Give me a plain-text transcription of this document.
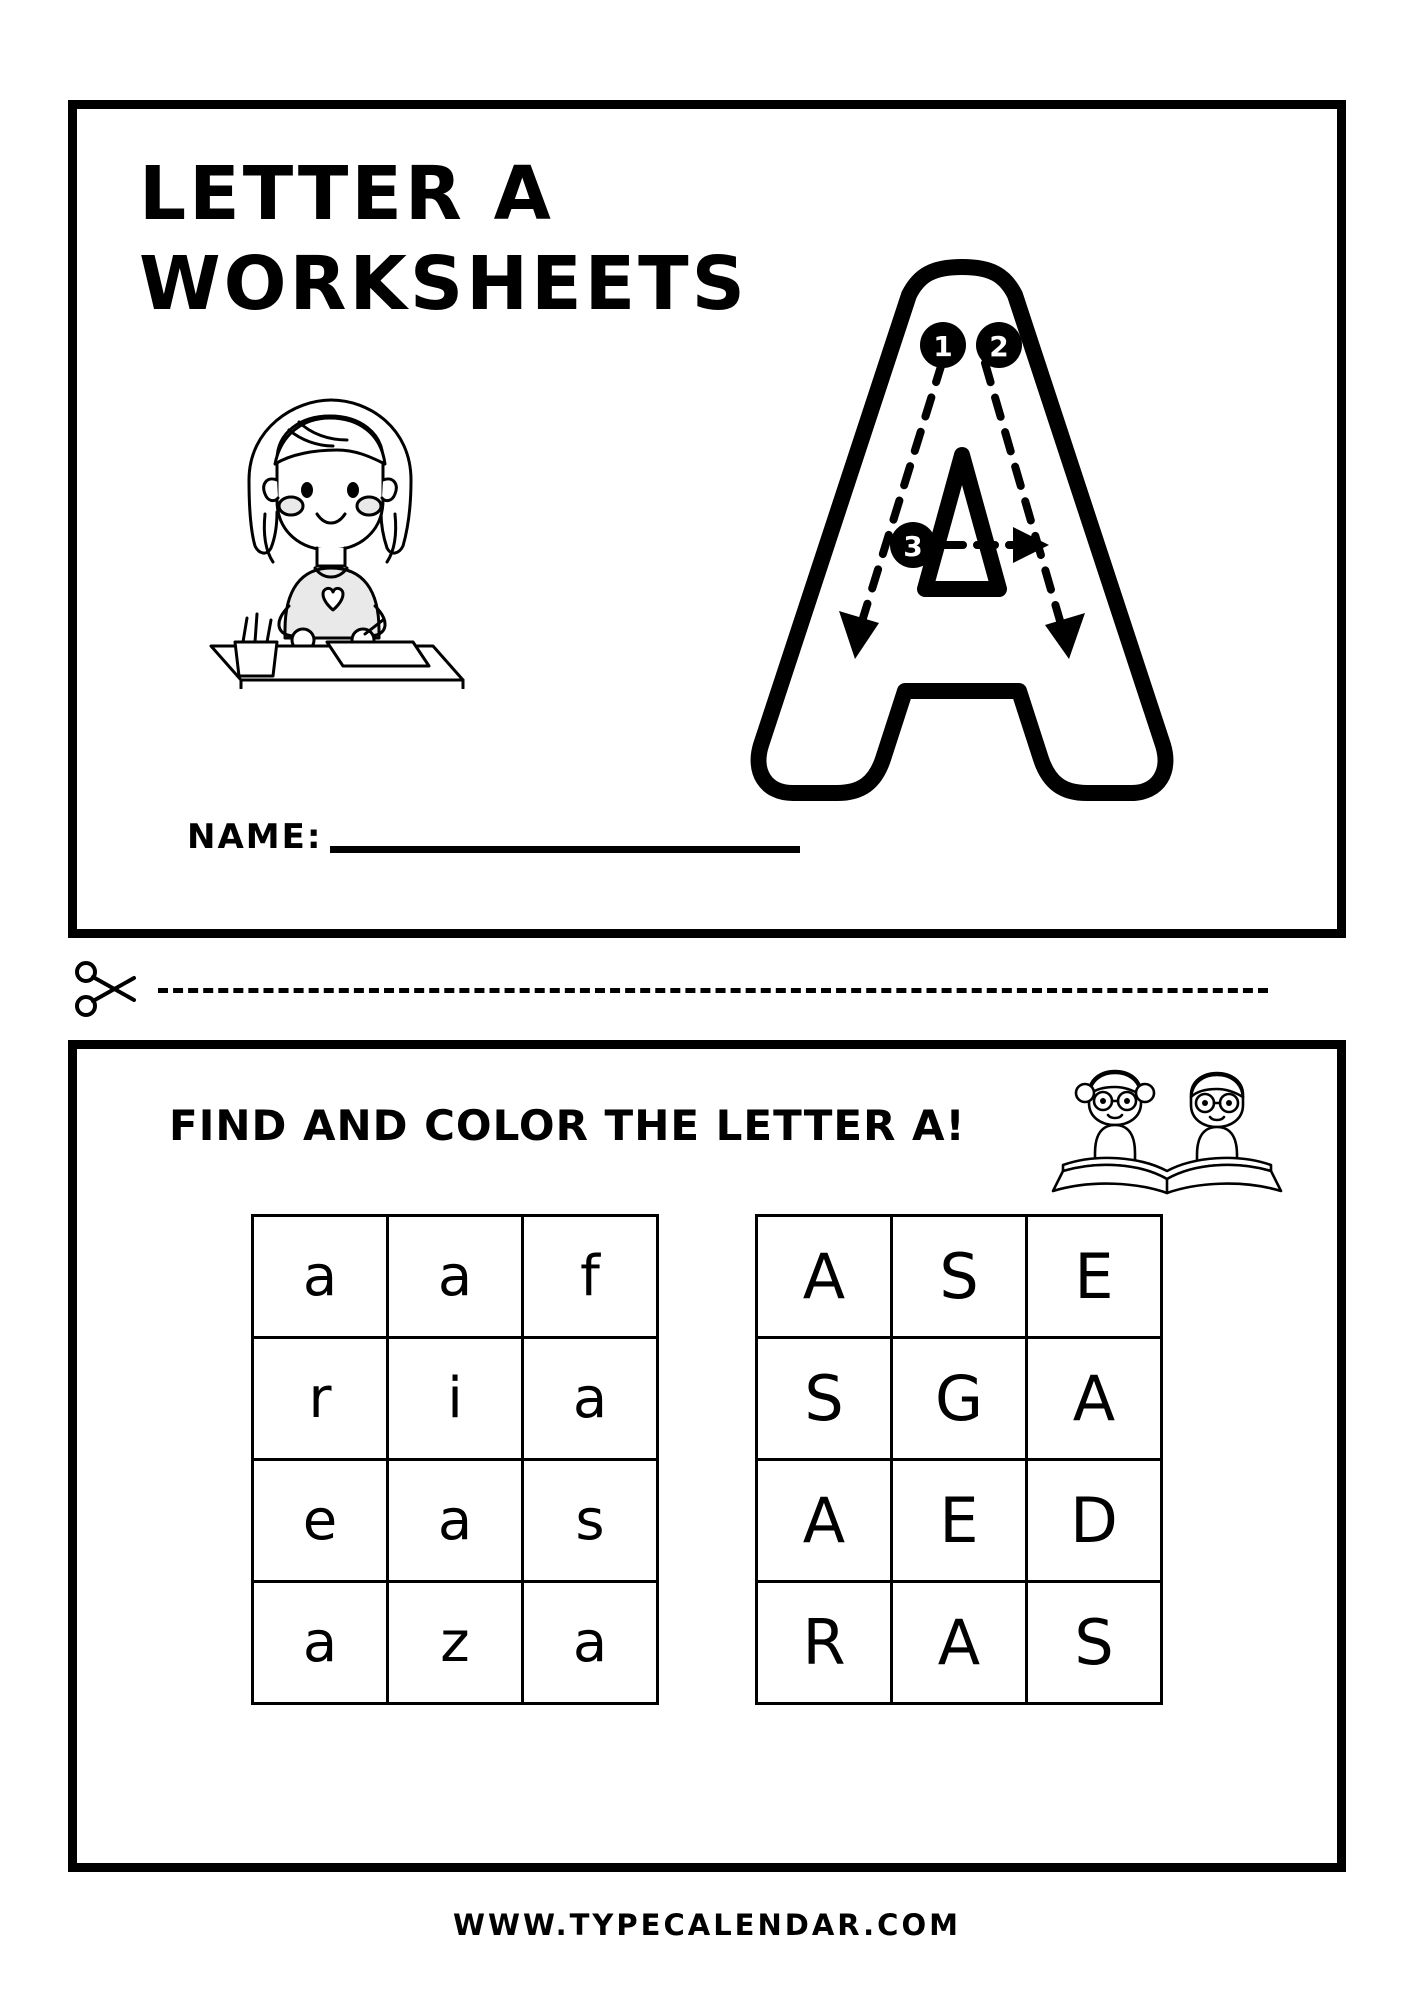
LETTER A
WORKSHEETS
1 2
3
NAME:
FIND AND COLOR THE LETTER A!
a	a	f
r	i	a
e	a	s
a	z	a
A	S	E
S	G	A
A	E	D
R	A	S
WWW.TYPECALENDAR.COM
